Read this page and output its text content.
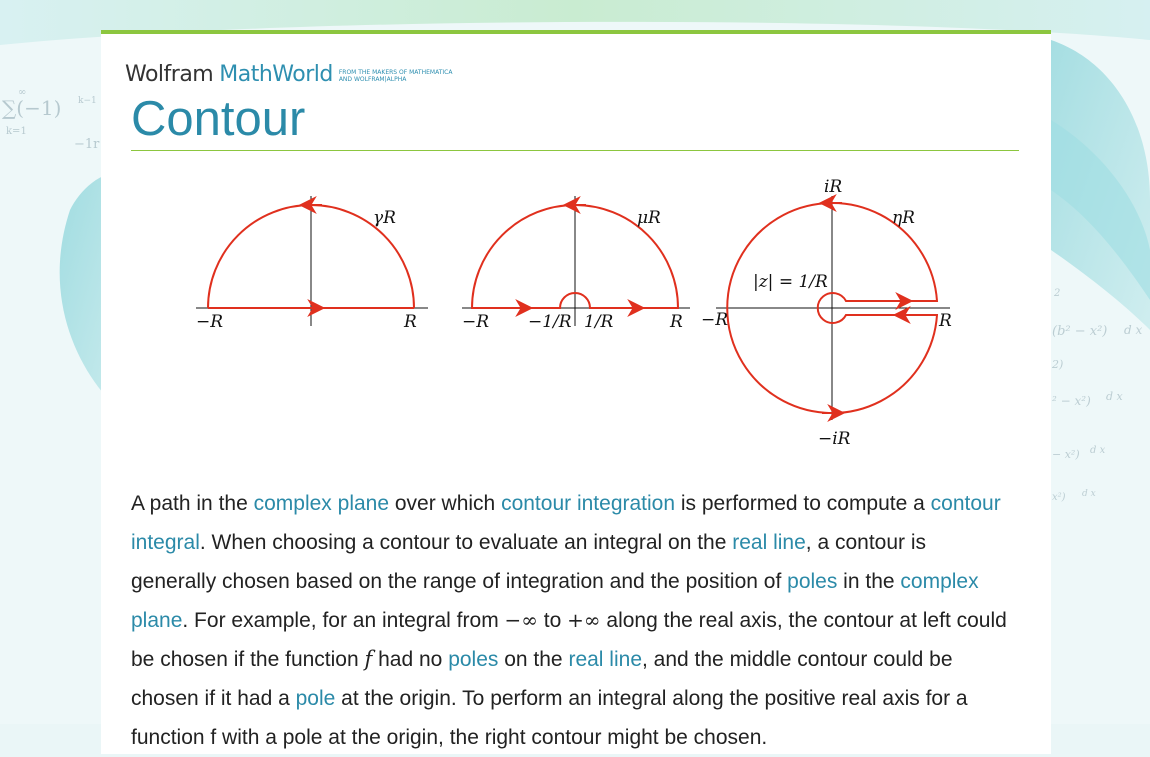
∞
∑(−1) k−1
k=1
−1r
2
(b² − x²) d x
2)
² − x²) d x
− x²) d x
x²) d x
Wolfram MathWorld FROM THE MAKERS OF MATHEMATICA
AND WOLFRAM|ALPHA
Contour
γR
−R	R
μR
−R −1/R 1/R	R
iR
ηR
|z| = 1/R
−R	R
−iR

A path in the complex plane over which contour integration is performed to compute a contour integral. When choosing a contour to evaluate an integral on the real line, a contour is generally chosen based on the range of integration and the position of poles in the complex plane. For example, for an integral from −∞ to +∞ along the real axis, the contour at left could be chosen if the function f had no poles on the real line, and the middle contour could be chosen if it had a pole at the origin. To perform an integral along the positive real axis for a function f with a pole at the origin, the right contour might be chosen.
